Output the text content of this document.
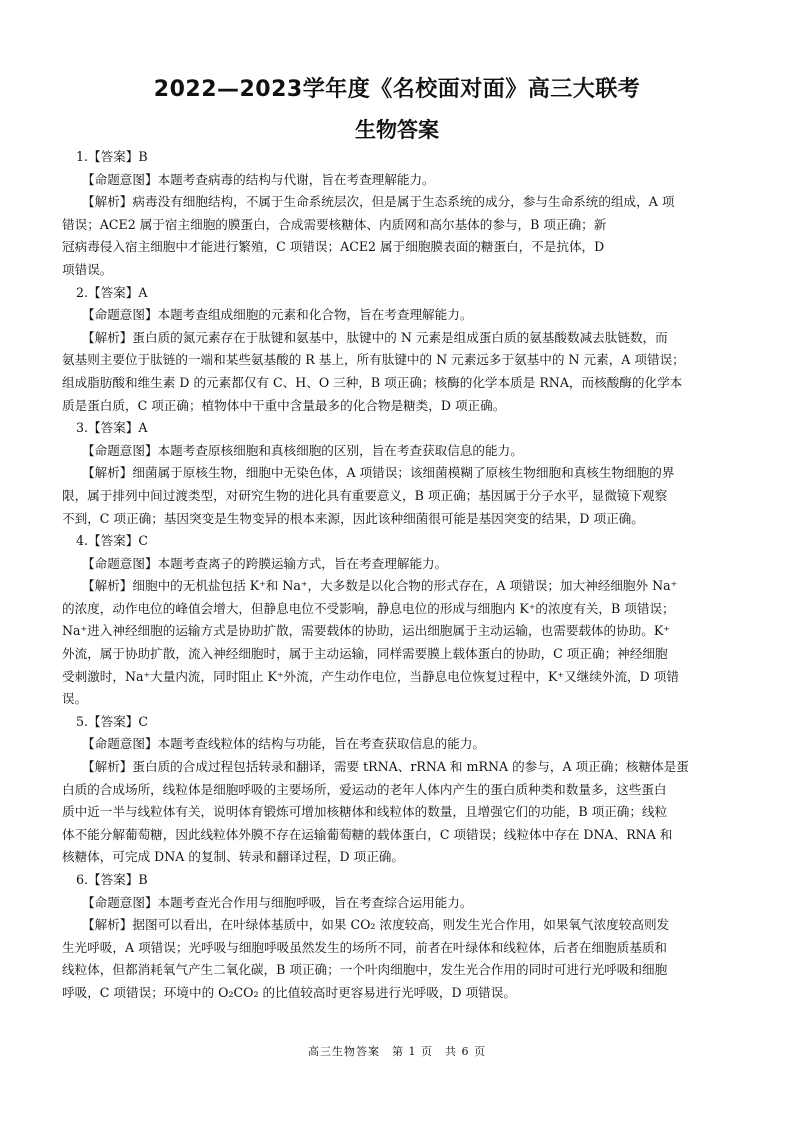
2022—2023学年度《名校面对面》高三大联考
生物答案
1.【答案】B
【命题意图】本题考查病毒的结构与代谢，旨在考查理解能力。
【解析】病毒没有细胞结构，不属于生命系统层次，但是属于生态系统的成分，参与生命系统的组成，A 项
错误；ACE2 属于宿主细胞的膜蛋白，合成需要核糖体、内质网和高尔基体的参与，B 项正确；新
冠病毒侵入宿主细胞中才能进行繁殖，C 项错误；ACE2 属于细胞膜表面的糖蛋白，不是抗体，D
项错误。
2.【答案】A
【命题意图】本题考查组成细胞的元素和化合物，旨在考查理解能力。
【解析】蛋白质的氮元素存在于肽键和氨基中，肽键中的 N 元素是组成蛋白质的氨基酸数减去肽链数，而
氨基则主要位于肽链的一端和某些氨基酸的 R 基上，所有肽键中的 N 元素远多于氨基中的 N 元素，A 项错误；
组成脂肪酸和维生素 D 的元素都仅有 C、H、O 三种，B 项正确；核酶的化学本质是 RNA，而核酸酶的化学本
质是蛋白质，C 项正确；植物体中干重中含量最多的化合物是糖类，D 项正确。
3.【答案】A
【命题意图】本题考查原核细胞和真核细胞的区别，旨在考查获取信息的能力。
【解析】细菌属于原核生物，细胞中无染色体，A 项错误；该细菌模糊了原核生物细胞和真核生物细胞的界
限，属于排列中间过渡类型，对研究生物的进化具有重要意义，B 项正确；基因属于分子水平，显微镜下观察
不到，C 项正确；基因突变是生物变异的根本来源，因此该种细菌很可能是基因突变的结果，D 项正确。
4.【答案】C
【命题意图】本题考查离子的跨膜运输方式，旨在考查理解能力。
【解析】细胞中的无机盐包括 K⁺和 Na⁺，大多数是以化合物的形式存在，A 项错误；加大神经细胞外 Na⁺
的浓度，动作电位的峰值会增大，但静息电位不受影响，静息电位的形成与细胞内 K⁺的浓度有关，B 项错误；
Na⁺进入神经细胞的运输方式是协助扩散，需要载体的协助，运出细胞属于主动运输，也需要载体的协助。K⁺
外流，属于协助扩散，流入神经细胞时，属于主动运输，同样需要膜上载体蛋白的协助，C 项正确；神经细胞
受刺激时，Na⁺大量内流，同时阻止 K⁺外流，产生动作电位，当静息电位恢复过程中，K⁺又继续外流，D 项错
误。
5.【答案】C
【命题意图】本题考查线粒体的结构与功能，旨在考查获取信息的能力。
【解析】蛋白质的合成过程包括转录和翻译，需要 tRNA、rRNA 和 mRNA 的参与，A 项正确；核糖体是蛋
白质的合成场所，线粒体是细胞呼吸的主要场所，爱运动的老年人体内产生的蛋白质种类和数量多，这些蛋白
质中近一半与线粒体有关，说明体育锻炼可增加核糖体和线粒体的数量，且增强它们的功能，B 项正确；线粒
体不能分解葡萄糖，因此线粒体外膜不存在运输葡萄糖的载体蛋白，C 项错误；线粒体中存在 DNA、RNA 和
核糖体，可完成 DNA 的复制、转录和翻译过程，D 项正确。
6.【答案】B
【命题意图】本题考查光合作用与细胞呼吸，旨在考查综合运用能力。
【解析】据图可以看出，在叶绿体基质中，如果 CO₂ 浓度较高，则发生光合作用，如果氧气浓度较高则发
生光呼吸，A 项错误；光呼吸与细胞呼吸虽然发生的场所不同，前者在叶绿体和线粒体，后者在细胞质基质和
线粒体，但都消耗氧气产生二氧化碳，B 项正确；一个叶肉细胞中，发生光合作用的同时可进行光呼吸和细胞
呼吸，C 项错误；环境中的 O₂CO₂ 的比值较高时更容易进行光呼吸，D 项错误。
高三生物答案　第 1 页　共 6 页
